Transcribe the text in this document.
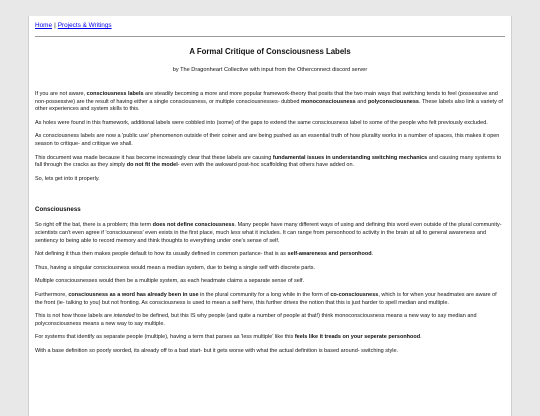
Home | Projects & Writings
A Formal Critique of Consciousness Labels
by The Dragonheart Collective with input from the Otherconnect discord server

If you are not aware, consciousness labels are steadily becoming a more and more popular framework-theory that posits that the two main ways that switching tends to feel (possessive and non-possessive) are the result of having either a single consciousness, or multiple consciousnesses- dubbed monoconsciousness and polyconsciousness. These labels also link a variety of other experiences and system skills to this.

As holes were found in this framework, additional labels were cobbled into (some) of the gaps to extend the same consciousness label to some of the people who felt previously excluded.

As consciousness labels are now a 'public use' phenomenon outside of their coiner and are being pushed as an essential truth of how plurality works in a number of spaces, this makes it open season to critique- and critique we shall.

This document was made because it has become increasingly clear that these labels are causing fundamental issues in understanding switching mechanics and causing many systems to fall through the cracks as they simply do not fit the model- even with the awkward post-hoc scaffolding that others have added on.

So, lets get into it properly.

Consciousness

So right off the bat, there is a problem; this term does not define consciousness. Many people have many different ways of using and defining this word even outside of the plural community- scientists can't even agree if 'consciousness' even exists in the first place, much less what it includes. It can range from personhood to activity in the brain at all to general awareness and sentiency to being able to record memory and think thoughts to everything under one's sense of self.

Not defining it thus then makes people default to how its usually defined in common parlance- that is as self-awareness and personhood.

Thus, having a singular consciousness would mean a median system, due to being a single self with discrete parts.

Multiple consciousnesses would then be a multiple system, as each headmate claims a separate sense of self.

Furthermore, consciousness as a word has already been in use in the plural community for a long while in the form of co-consciousness, which is for when your headmates are aware of the front (ie- talking to you) but not fronting. As consciousness is used to mean a self here, this further drives the notion that this is just harder to spell median and multiple.

This is not how those labels are intended to be defined, but this IS why people (and quite a number of people at that!) think monoconsciousness means a new way to say median and polyconsciousness means a new way to say multiple.

For systems that identify as separate people (multiple), having a term that parses as 'less multiple' like this feels like it treads on your seperate personhood.

With a base definition so poorly worded, its already off to a bad start- but it gets worse with what the actual definition is based around- switching style.
